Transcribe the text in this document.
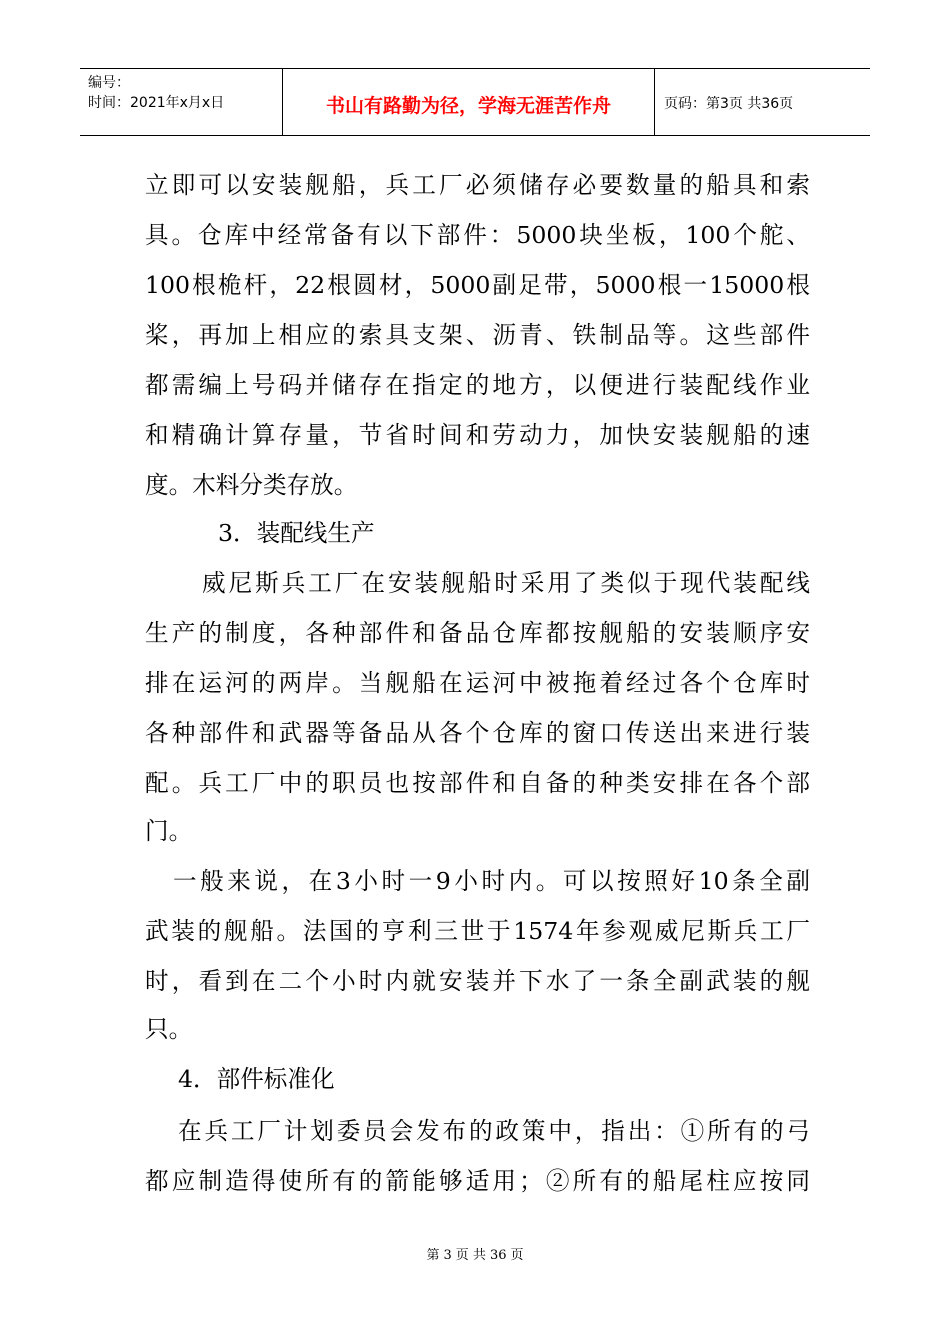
编号：
时间：2021年x月x日	书山有路勤为径，学海无涯苦作舟	页码：第3页 共36页
立即可以安装舰船，兵工厂必须储存必要数量的船具和索
具。仓库中经常备有以下部件：5000块坐板，100个舵、
100根桅杆，22根圆材，5000副足带，5000根一15000根
桨，再加上相应的索具支架、沥青、铁制品等。这些部件
都需编上号码并储存在指定的地方，以便进行装配线作业
和精确计算存量，节省时间和劳动力，加快安装舰船的速
度。木料分类存放。
3．装配线生产
威尼斯兵工厂在安装舰船时采用了类似于现代装配线
生产的制度，各种部件和备品仓库都按舰船的安装顺序安
排在运河的两岸。当舰船在运河中被拖着经过各个仓库时
各种部件和武器等备品从各个仓库的窗口传送出来进行装
配。兵工厂中的职员也按部件和自备的种类安排在各个部
门。
一般来说，在3小时一9小时内。可以按照好10条全副
武装的舰船。法国的亨利三世于1574年参观威尼斯兵工厂
时，看到在二个小时内就安装并下水了一条全副武装的舰
只。
4．部件标准化
在兵工厂计划委员会发布的政策中，指出：①所有的弓
都应制造得使所有的箭能够适用；②所有的船尾柱应按同
第 3 页 共 36 页
